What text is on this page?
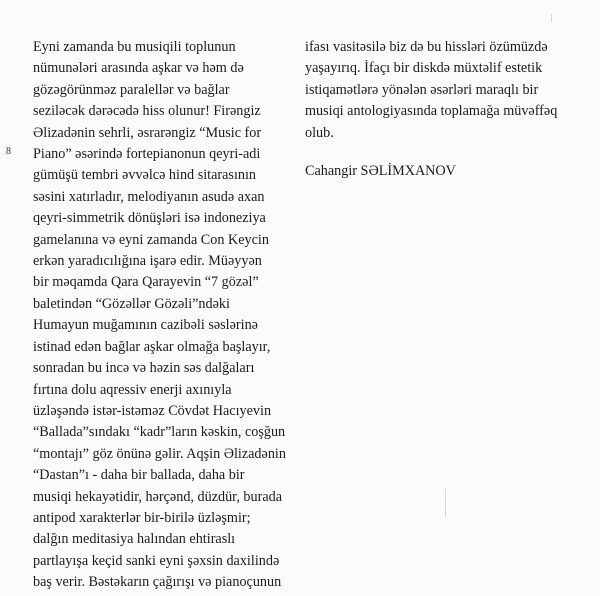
8
Eyni zamanda bu musiqili toplunun
nümunələri arasında aşkar və həm də
gözəgörünməz paralellər və bağlar
seziləcək dərəcədə hiss olunur! Firəngiz
Əlizadənin sehrli, əsrarəngiz “Music for
Piano” əsərində fortepianonun qeyri-adi
gümüşü tembri əvvəlcə hind sitarasının
səsini xatırladır, melodiyanın asudə axan
qeyri-simmetrik dönüşləri isə indoneziya
gamelanına və eyni zamanda Con Keycin
erkən yaradıcılığına işarə edir. Müəyyən
bir məqamda Qara Qarayevin “7 gözəl”
baletindən “Gözəllər Gözəli”ndəki
Humayun muğamının cazibəli səslərinə
istinad edən bağlar aşkar olmağa başlayır,
sonradan bu incə və həzin səs dalğaları
fırtına dolu aqressiv enerji axınıyla
üzləşəndə istər-istəməz Cövdət Hacıyevin
“Ballada”sındakı “kadr”ların kəskin, coşğun
“montajı” göz önünə gəlir. Aqşin Əlizadənin
“Dastan”ı - daha bir ballada, daha bir
musiqi hekayətidir, hərçənd, düzdür, burada
antipod xarakterlər bir-birilə üzləşmir;
dalğın meditasiya halından ehtiraslı
partlayışa keçid sanki eyni şəxsin daxilində
baş verir. Bəstəkarın çağırışı və pianoçunun
ifası vasitəsilə biz də bu hissləri özümüzdə
yaşayırıq. İfaçı bir diskdə müxtəlif estetik
istiqamətlərə yönələn əsərləri maraqlı bir
musiqi antologiyasında toplamağa müvəffəq
olub.
Cahangir SƏLİMXANOV
